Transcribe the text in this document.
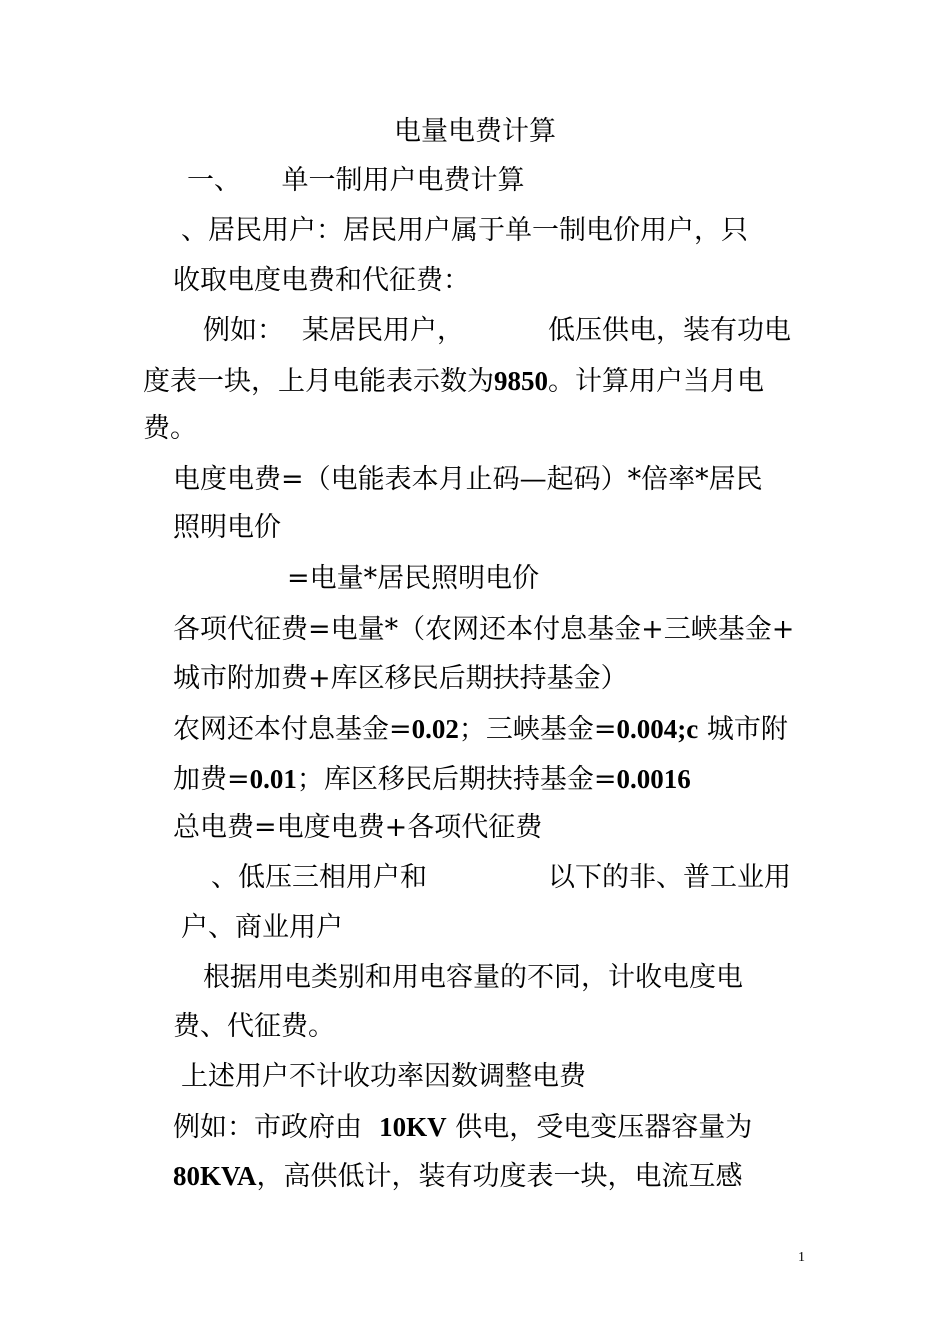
电量电费计算

一、　　单一制用户电费计算

、居民用户：居民用户属于单一制电价用户，只

收取电度电费和代征费：

例如： 某居民用户，	低压供电，装有功电

度表一块，上月电能表示数为9850。计算用户当月电

费。

电度电费=（电能表本月止码—起码）*倍率*居民

照明电价

=电量*居民照明电价

各项代征费=电量*（农网还本付息基金+三峡基金+

城市附加费+库区移民后期扶持基金）

农网还本付息基金=0.02；三峡基金=0.004;c 城市附

加费=0.01；库区移民后期扶持基金=0.0016

总电费=电度电费+各项代征费

、低压三相用户和	以下的非、普工业用

户、商业用户

根据用电类别和用电容量的不同，计收电度电

费、代征费。

上述用户不计收功率因数调整电费

例如：市政府由 10KV 供电，受电变压器容量为

80KVA，高供低计，装有功度表一块，电流互感

1
